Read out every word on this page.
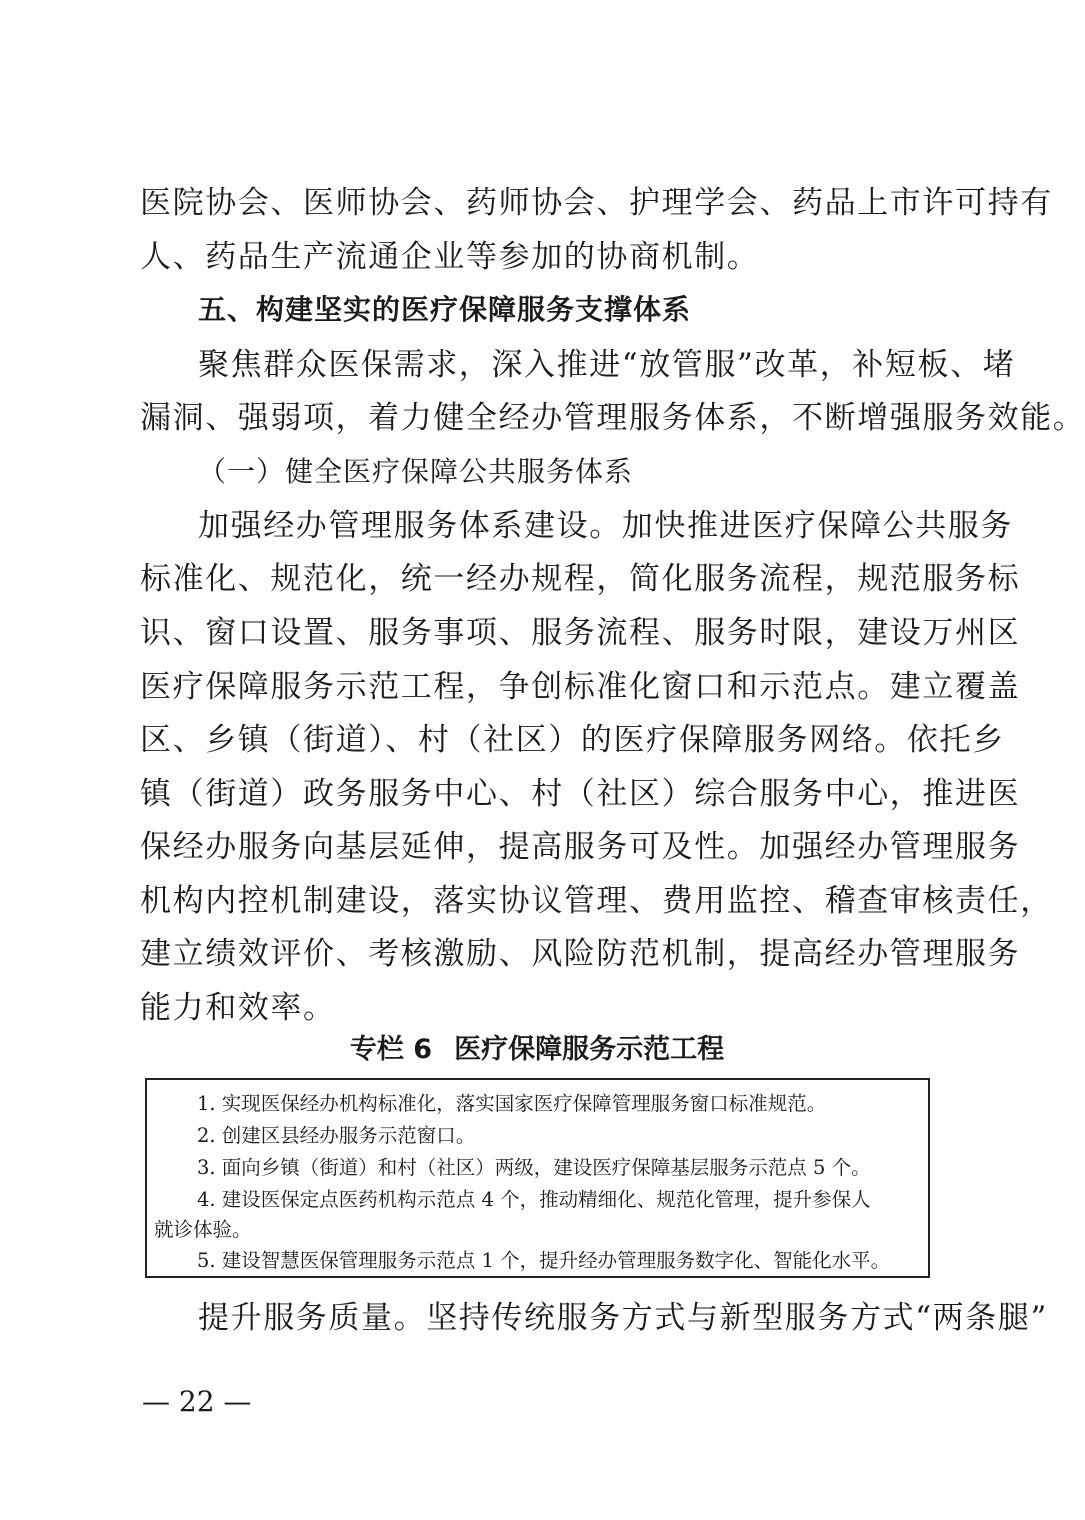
医院协会、医师协会、药师协会、护理学会、药品上市许可持有
人、药品生产流通企业等参加的协商机制。
五、构建坚实的医疗保障服务支撑体系
聚焦群众医保需求，深入推进“放管服”改革，补短板、堵
漏洞、强弱项，着力健全经办管理服务体系，不断增强服务效能。
（一）健全医疗保障公共服务体系
加强经办管理服务体系建设。加快推进医疗保障公共服务
标准化、规范化，统一经办规程，简化服务流程，规范服务标
识、窗口设置、服务事项、服务流程、服务时限，建设万州区
医疗保障服务示范工程，争创标准化窗口和示范点。建立覆盖
区、乡镇（街道）、村（社区）的医疗保障服务网络。依托乡
镇（街道）政务服务中心、村（社区）综合服务中心，推进医
保经办服务向基层延伸，提高服务可及性。加强经办管理服务
机构内控机制建设，落实协议管理、费用监控、稽查审核责任，
建立绩效评价、考核激励、风险防范机制，提高经办管理服务
能力和效率。
专栏 6 医疗保障服务示范工程
1. 实现医保经办机构标准化，落实国家医疗保障管理服务窗口标准规范。
2. 创建区县经办服务示范窗口。
3. 面向乡镇（街道）和村（社区）两级，建设医疗保障基层服务示范点 5 个。
4. 建设医保定点医药机构示范点 4 个，推动精细化、规范化管理，提升参保人
就诊体验。
5. 建设智慧医保管理服务示范点 1 个，提升经办管理服务数字化、智能化水平。
提升服务质量。坚持传统服务方式与新型服务方式“两条腿”
— 22 —
